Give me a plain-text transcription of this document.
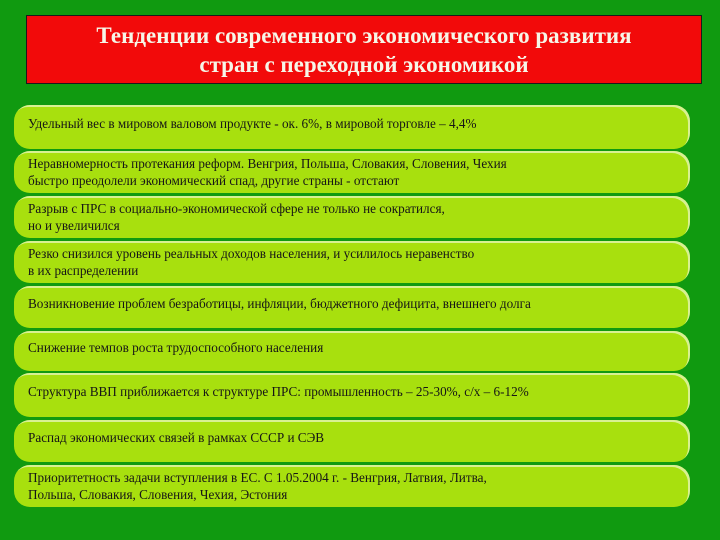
Тенденции современного экономического развития
стран с переходной экономикой
Удельный вес в мировом валовом продукте - ок. 6%, в мировой торговле – 4,4%
Неравномерность протекания реформ. Венгрия, Польша, Словакия, Словения, Чехия
быстро преодолели экономический спад, другие страны - отстают
Разрыв с ПРС в социально-экономической сфере не только не сократился,
но и увеличился
Резко снизился уровень реальных доходов населения, и усилилось неравенство
в их распределении
Возникновение проблем безработицы, инфляции, бюджетного дефицита, внешнего долга
Снижение темпов роста трудоспособного населения
Структура ВВП приближается к структуре ПРС: промышленность – 25-30%, с/х – 6-12%
Распад экономических связей в рамках СССР и СЭВ
Приоритетность задачи вступления в ЕС. С 1.05.2004 г. - Венгрия, Латвия, Литва,
Польша, Словакия, Словения, Чехия, Эстония
